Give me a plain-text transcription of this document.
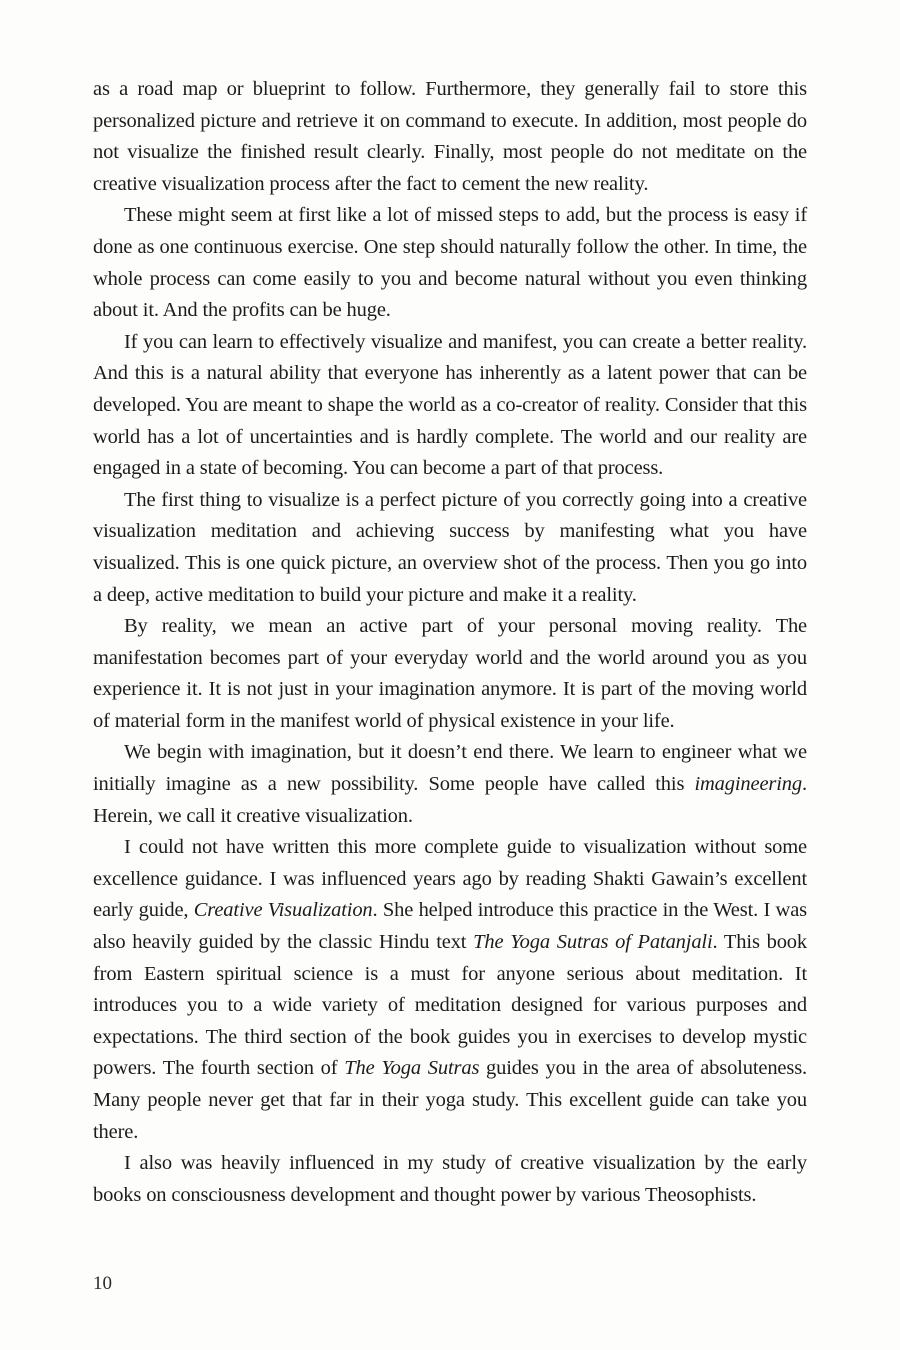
as a road map or blueprint to follow. Furthermore, they generally fail to store this personalized picture and retrieve it on command to execute. In addition, most people do not visualize the finished result clearly. Finally, most people do not meditate on the creative visualization process after the fact to cement the new reality.

These might seem at first like a lot of missed steps to add, but the process is easy if done as one continuous exercise. One step should naturally follow the other. In time, the whole process can come easily to you and become natural without you even thinking about it. And the profits can be huge.

If you can learn to effectively visualize and manifest, you can create a better reality. And this is a natural ability that everyone has inherently as a latent power that can be developed. You are meant to shape the world as a co-creator of reality. Consider that this world has a lot of uncertainties and is hardly complete. The world and our reality are engaged in a state of becoming. You can become a part of that process.

The first thing to visualize is a perfect picture of you correctly going into a creative visualization meditation and achieving success by manifesting what you have visualized. This is one quick picture, an overview shot of the process. Then you go into a deep, active meditation to build your picture and make it a reality.

By reality, we mean an active part of your personal moving reality. The manifestation becomes part of your everyday world and the world around you as you experience it. It is not just in your imagination anymore. It is part of the moving world of material form in the manifest world of physical existence in your life.

We begin with imagination, but it doesn’t end there. We learn to engineer what we initially imagine as a new possibility. Some people have called this imagineering. Herein, we call it creative visualization.

I could not have written this more complete guide to visualization without some excellence guidance. I was influenced years ago by reading Shakti Gawain’s excellent early guide, Creative Visualization. She helped introduce this practice in the West. I was also heavily guided by the classic Hindu text The Yoga Sutras of Patanjali. This book from Eastern spiritual science is a must for anyone serious about meditation. It introduces you to a wide variety of meditation designed for various purposes and expectations. The third section of the book guides you in exercises to develop mystic powers. The fourth section of The Yoga Sutras guides you in the area of absoluteness. Many people never get that far in their yoga study. This excellent guide can take you there.

I also was heavily influenced in my study of creative visualization by the early books on consciousness development and thought power by various Theosophists.

10
